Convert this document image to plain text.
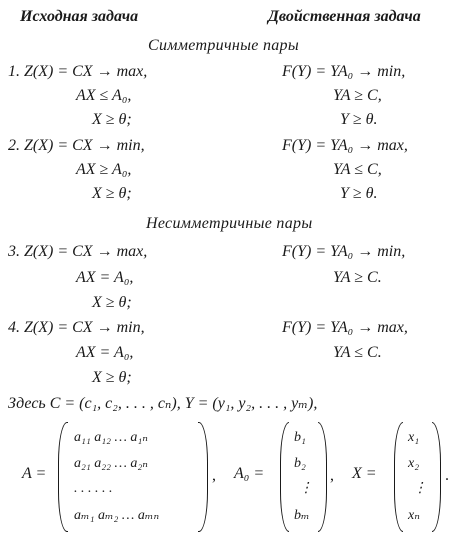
Исходная задача	Двойственная задача
Симметричные пары
1. Z(X) = CX → max,
AX ≤ A₀,
X ≥ θ;
F(Y) = YA₀ → min,
YA ≥ C,
Y ≥ θ.
2. Z(X) = CX → min,
AX ≥ A₀,
X ≥ θ;
F(Y) = YA₀ → max,
YA ≤ C,
Y ≥ θ.
Несимметричные пары
3. Z(X) = CX → max,
AX = A₀,
X ≥ θ;
F(Y) = YA₀ → min,
YA ≥ C.
4. Z(X) = CX → min,
AX = A₀,
X ≥ θ;
F(Y) = YA₀ → max,
YA ≤ C.
Здесь C = (c₁, c₂, . . . , cₙ), Y = (y₁, y₂, . . . , yₘ),
A =
a₁₁ a₁₂ … a₁ₙ
a₂₁ a₂₂ … a₂ₙ
. . . . . .
aₘ₁ aₘ₂ … aₘₙ
, A₀ =
b₁
b₂
⋮
bₘ
, X =
x₁
x₂
⋮
xₙ
.
